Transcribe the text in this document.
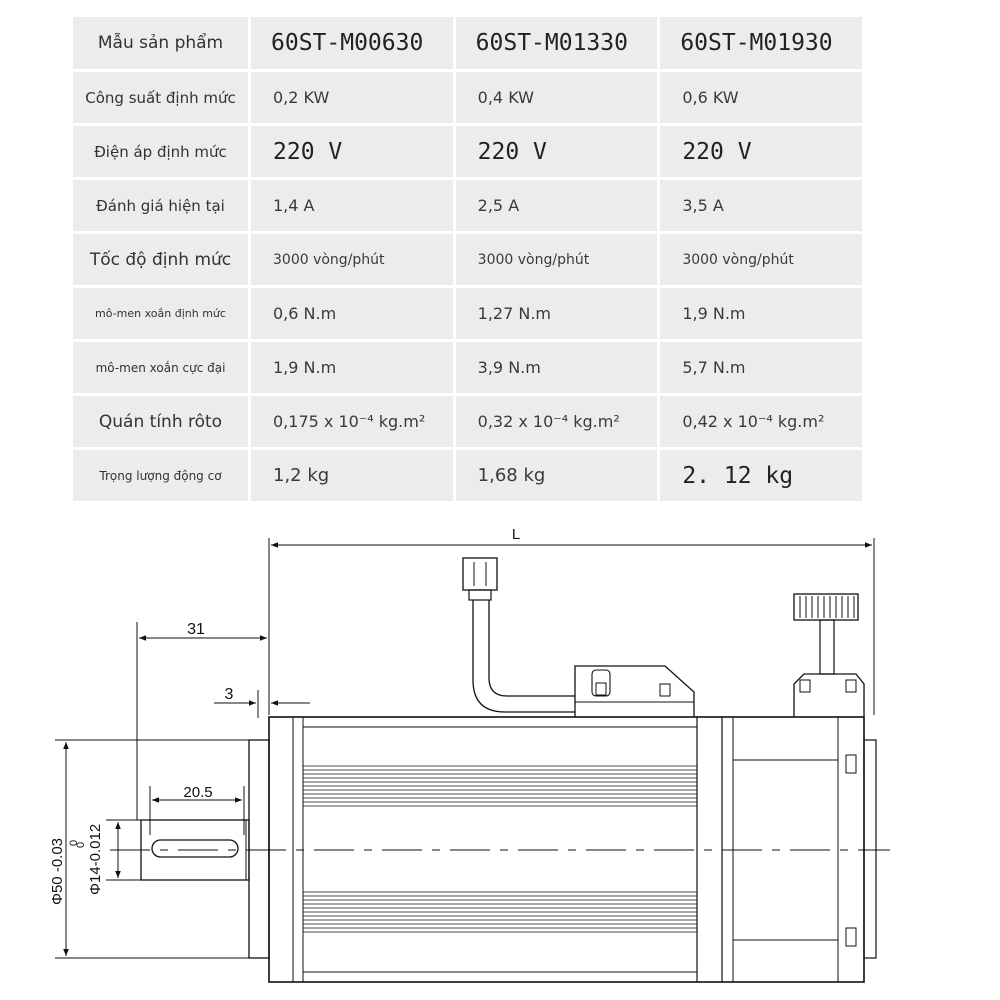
Mẫu sản phẩm	60ST-M00630	60ST-M01330	60ST-M01930
Công suất định mức	0,2 KW	0,4 KW	0,6 KW
Điện áp định mức	220 V	220 V	220 V
Đánh giá hiện tại	1,4 A	2,5 A	3,5 A
Tốc độ định mức	3000 vòng/phút	3000 vòng/phút	3000 vòng/phút
mô-men xoắn định mức	0,6 N.m	1,27 N.m	1,9 N.m
mô-men xoắn cực đại	1,9 N.m	3,9 N.m	5,7 N.m
Quán tính rôto	0,175 x 10⁻⁴ kg.m²	0,32 x 10⁻⁴ kg.m²	0,42 x 10⁻⁴ kg.m²
Trọng lượng động cơ	1,2 kg	1,68 kg	2. 12 kg
L
31
3
20.5
Φ50 -0.03 0 Φ14-0.012
0
